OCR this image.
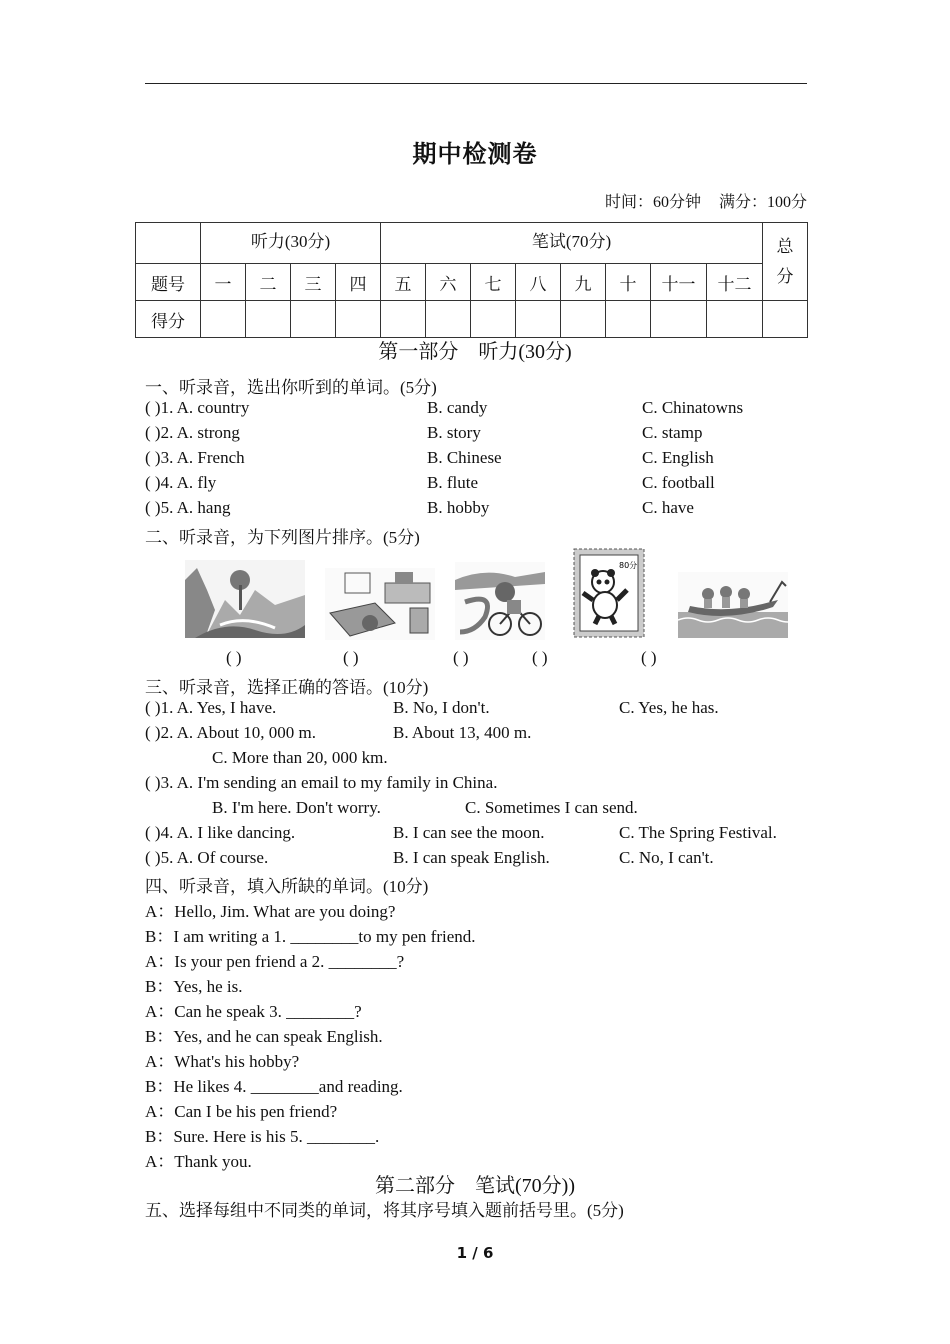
期中检测卷
时间：60分钟 满分：100分
	听力(30分)				笔试(70分)								总
分
题号	一	二	三	四	五	六	七	八	九	十	十一	十二	
得分													
第一部分　听力(30分)
一、听录音，选出你听到的单词。(5分)
( )1. A. country	B. candy	C. Chinatowns
( )2. A. strong	B. story	C. stamp
( )3. A. French	B. Chinese	C. English
( )4. A. fly	B. flute	C. football
( )5. A. hang	B. hobby	C. have
二、听录音，为下列图片排序。(5分)
80分
( )	( )	( )	( )	( )
三、听录音，选择正确的答语。(10分)
( )1. A. Yes, I have.	B. No, I don't.	C. Yes, he has.
( )2. A. About 10, 000 m.	B. About 13, 400 m.
C. More than 20, 000 km.
( )3. A. I'm sending an email to my family in China.
B. I'm here. Don't worry.	C. Sometimes I can send.
( )4. A. I like dancing.	B. I can see the moon.	C. The Spring Festival.
( )5. A. Of course.	B. I can speak English.	C. No, I can't.
四、听录音，填入所缺的单词。(10分)
A：Hello, Jim. What are you doing?
B：I am writing a 1. ________to my pen friend.
A：Is your pen friend a 2. ________?
B：Yes, he is.
A：Can he speak 3. ________?
B：Yes, and he can speak English.
A：What's his hobby?
B：He likes 4. ________and reading.
A：Can I be his pen friend?
B：Sure. Here is his 5. ________.
A：Thank you.
第二部分　笔试(70分))
五、选择每组中不同类的单词，将其序号填入题前括号里。(5分)
1 / 6
